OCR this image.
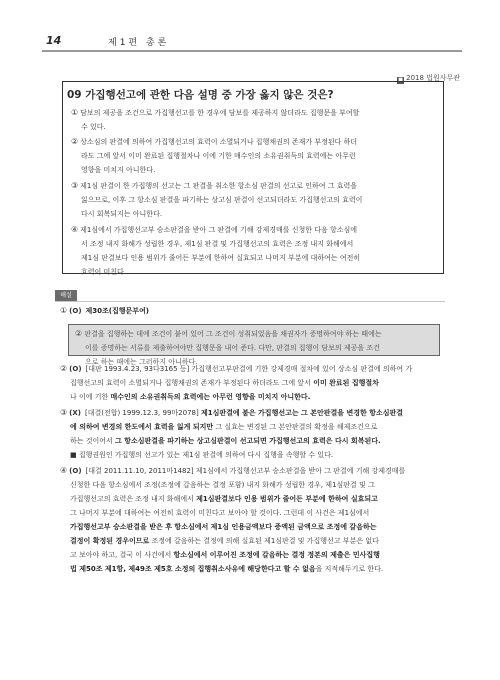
14	제1편 총론
■ 2018 법원사무관
09 가집행선고에 관한 다음 설명 중 가장 옳지 않은 것은?
① 담보의 제공을 조건으로 가집행선고를 한 경우에 담보를 제공하지 않더라도 집행문을 부여할
수 있다.
② 상소심의 판결에 의하여 가집행선고의 효력이 소멸되거나 집행채권의 존재가 부정된다 하더
라도 그에 앞서 이미 완료된 집행절차나 이에 기한 매수인의 소유권취득의 효력에는 아무런
영향을 미치지 아니한다.
③ 제1심 판결이 한 가집행의 선고는 그 판결을 취소한 항소심 판결의 선고로 인하여 그 효력을
잃으므로, 이후 그 항소심 판결을 파기하는 상고심 판결이 선고되더라도 가집행선고의 효력이
다시 회복되지는 아니한다.
④ 제1심에서 가집행선고부 승소판결을 받아 그 판결에 기해 강제경매를 신청한 다음 항소심에
서 조정 내지 화해가 성립한 경우, 제1심 판결 및 가집행선고의 효력은 조정 내지 화해에서
제1심 판결보다 인용 범위가 줄어든 부분에 한하여 실효되고 나머지 부분에 대하여는 여전히
효력이 미친다.
해설
① (O) 제30조(집행문부여)
② 판결을 집행하는 데에 조건이 붙어 있어 그 조건이 성취되었음을 채권자가 증명하여야 하는 때에는
이를 증명하는 서류를 제출하여야만 집행문을 내어 준다. 다만, 판결의 집행이 담보의 제공을 조건
으로 하는 때에는 그러하지 아니하다.
② (O) [대판 1993.4.23, 93다3165 등] 가집행선고부판결에 기한 강제경매 절차에 있어 상소심 판결에 의하여 가
집행선고의 효력이 소멸되거나 집행채권의 존재가 부정된다 하더라도 그에 앞서 이미 완료된 집행절차
나 이에 기한 매수인의 소유권취득의 효력에는 아무런 영향을 미치지 아니한다.
③ (X) [대결(전합) 1999.12.3, 99마2078] 제1심판결에 붙은 가집행선고는 그 본안판결을 변경한 항소심판결
에 의하여 변경의 한도에서 효력을 잃게 되지만 그 실효는 변경된 그 본안판결의 확정을 해제조건으로
하는 것이어서 그 항소심판결을 파기하는 상고심판결이 선고되면 가집행선고의 효력은 다시 회복된다.
■ 집행권원인 가집행의 선고가 있는 제1심 판결에 의하여 다시 집행을 속행할 수 있다.
④ (O) [대결 2011.11.10, 2011마1482] 제1심에서 가집행선고부 승소판결을 받아 그 판결에 기해 강제경매를
신청한 다음 항소심에서 조정(조정에 갈음하는 결정 포함) 내지 화해가 성립한 경우, 제1심판결 및 그
가집행선고의 효력은 조정 내지 화해에서 제1심판결보다 인용 범위가 줄어든 부분에 한하여 실효되고
그 나머지 부분에 대하여는 여전히 효력이 미친다고 보아야 할 것이다. 그런데 이 사건은 제1심에서
가집행선고부 승소판결을 받은 후 항소심에서 제1심 인용금액보다 증액된 금액으로 조정에 갈음하는
결정이 확정된 경우이므로 조정에 갈음하는 결정에 의해 실효된 제1심판결 및 가집행선고 부분은 없다
고 보아야 하고, 결국 이 사건에서 항소심에서 이루어진 조정에 갈음하는 결정 정본의 제출은 민사집행
법 제50조 제1항, 제49조 제5호 소정의 집행취소사유에 해당한다고 할 수 없음을 지적해두기로 한다.
